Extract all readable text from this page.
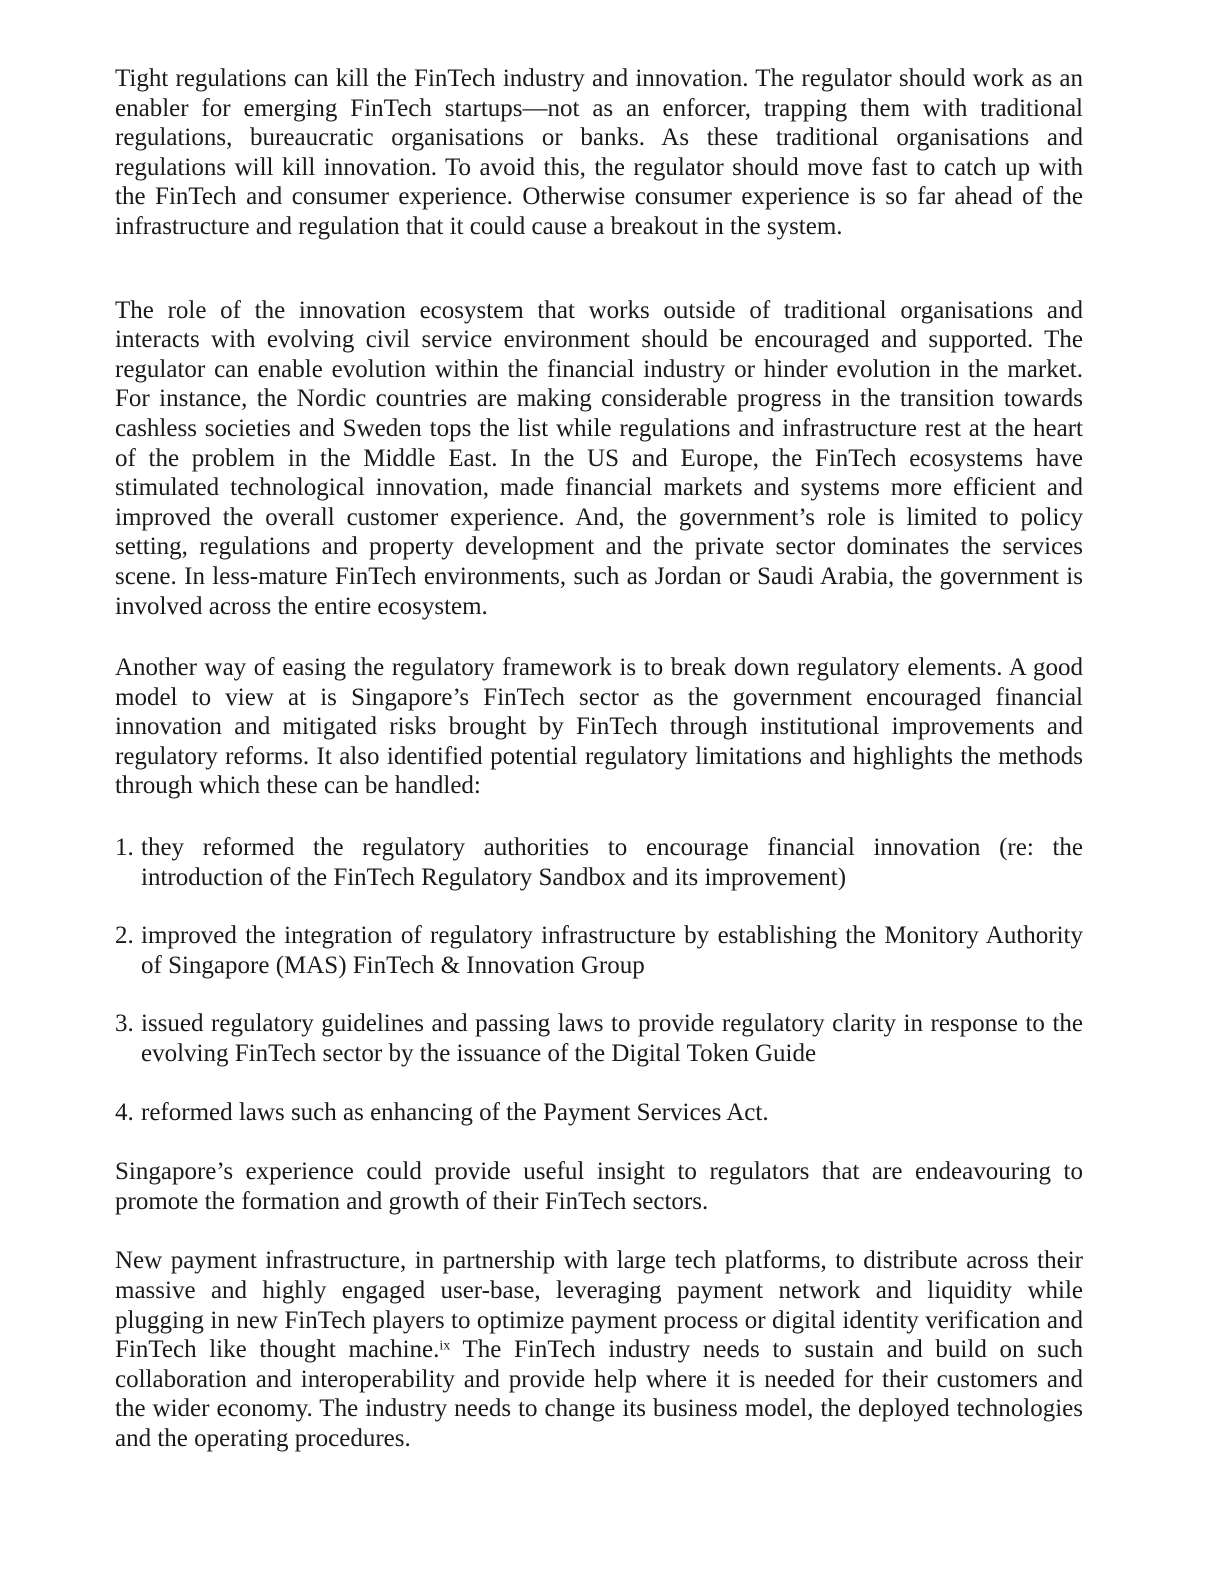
Tight regulations can kill the FinTech industry and innovation. The regulator should work as an enabler for emerging FinTech startups—not as an enforcer, trapping them with traditional regulations, bureaucratic organisations or banks. As these traditional organisations and regulations will kill innovation. To avoid this, the regulator should move fast to catch up with the FinTech and consumer experience. Otherwise consumer experience is so far ahead of the infrastructure and regulation that it could cause a breakout in the system.

The role of the innovation ecosystem that works outside of traditional organisations and interacts with evolving civil service environment should be encouraged and supported. The regulator can enable evolution within the financial industry or hinder evolution in the market. For instance, the Nordic countries are making considerable progress in the transition towards cashless societies and Sweden tops the list while regulations and infrastructure rest at the heart of the problem in the Middle East. In the US and Europe, the FinTech ecosystems have stimulated technological innovation, made financial markets and systems more efficient and improved the overall customer experience. And, the government’s role is limited to policy setting, regulations and property development and the private sector dominates the services scene. In less-mature FinTech environments, such as Jordan or Saudi Arabia, the government is involved across the entire ecosystem.

Another way of easing the regulatory framework is to break down regulatory elements. A good model to view at is Singapore’s FinTech sector as the government encouraged financial innovation and mitigated risks brought by FinTech through institutional improvements and regulatory reforms. It also identified potential regulatory limitations and highlights the methods through which these can be handled:

1. they reformed the regulatory authorities to encourage financial innovation (re: the introduction of the FinTech Regulatory Sandbox and its improvement)
2. improved the integration of regulatory infrastructure by establishing the Monitory Authority of Singapore (MAS) FinTech & Innovation Group
3. issued regulatory guidelines and passing laws to provide regulatory clarity in response to the evolving FinTech sector by the issuance of the Digital Token Guide
4. reformed laws such as enhancing of the Payment Services Act.

Singapore’s experience could provide useful insight to regulators that are endeavouring to promote the formation and growth of their FinTech sectors.

New payment infrastructure, in partnership with large tech platforms, to distribute across their massive and highly engaged user-base, leveraging payment network and liquidity while plugging in new FinTech players to optimize payment process or digital identity verification and FinTech like thought machine.$^{ix}$ The FinTech industry needs to sustain and build on such collaboration and interoperability and provide help where it is needed for their customers and the wider economy. The industry needs to change its business model, the deployed technologies and the operating procedures.
